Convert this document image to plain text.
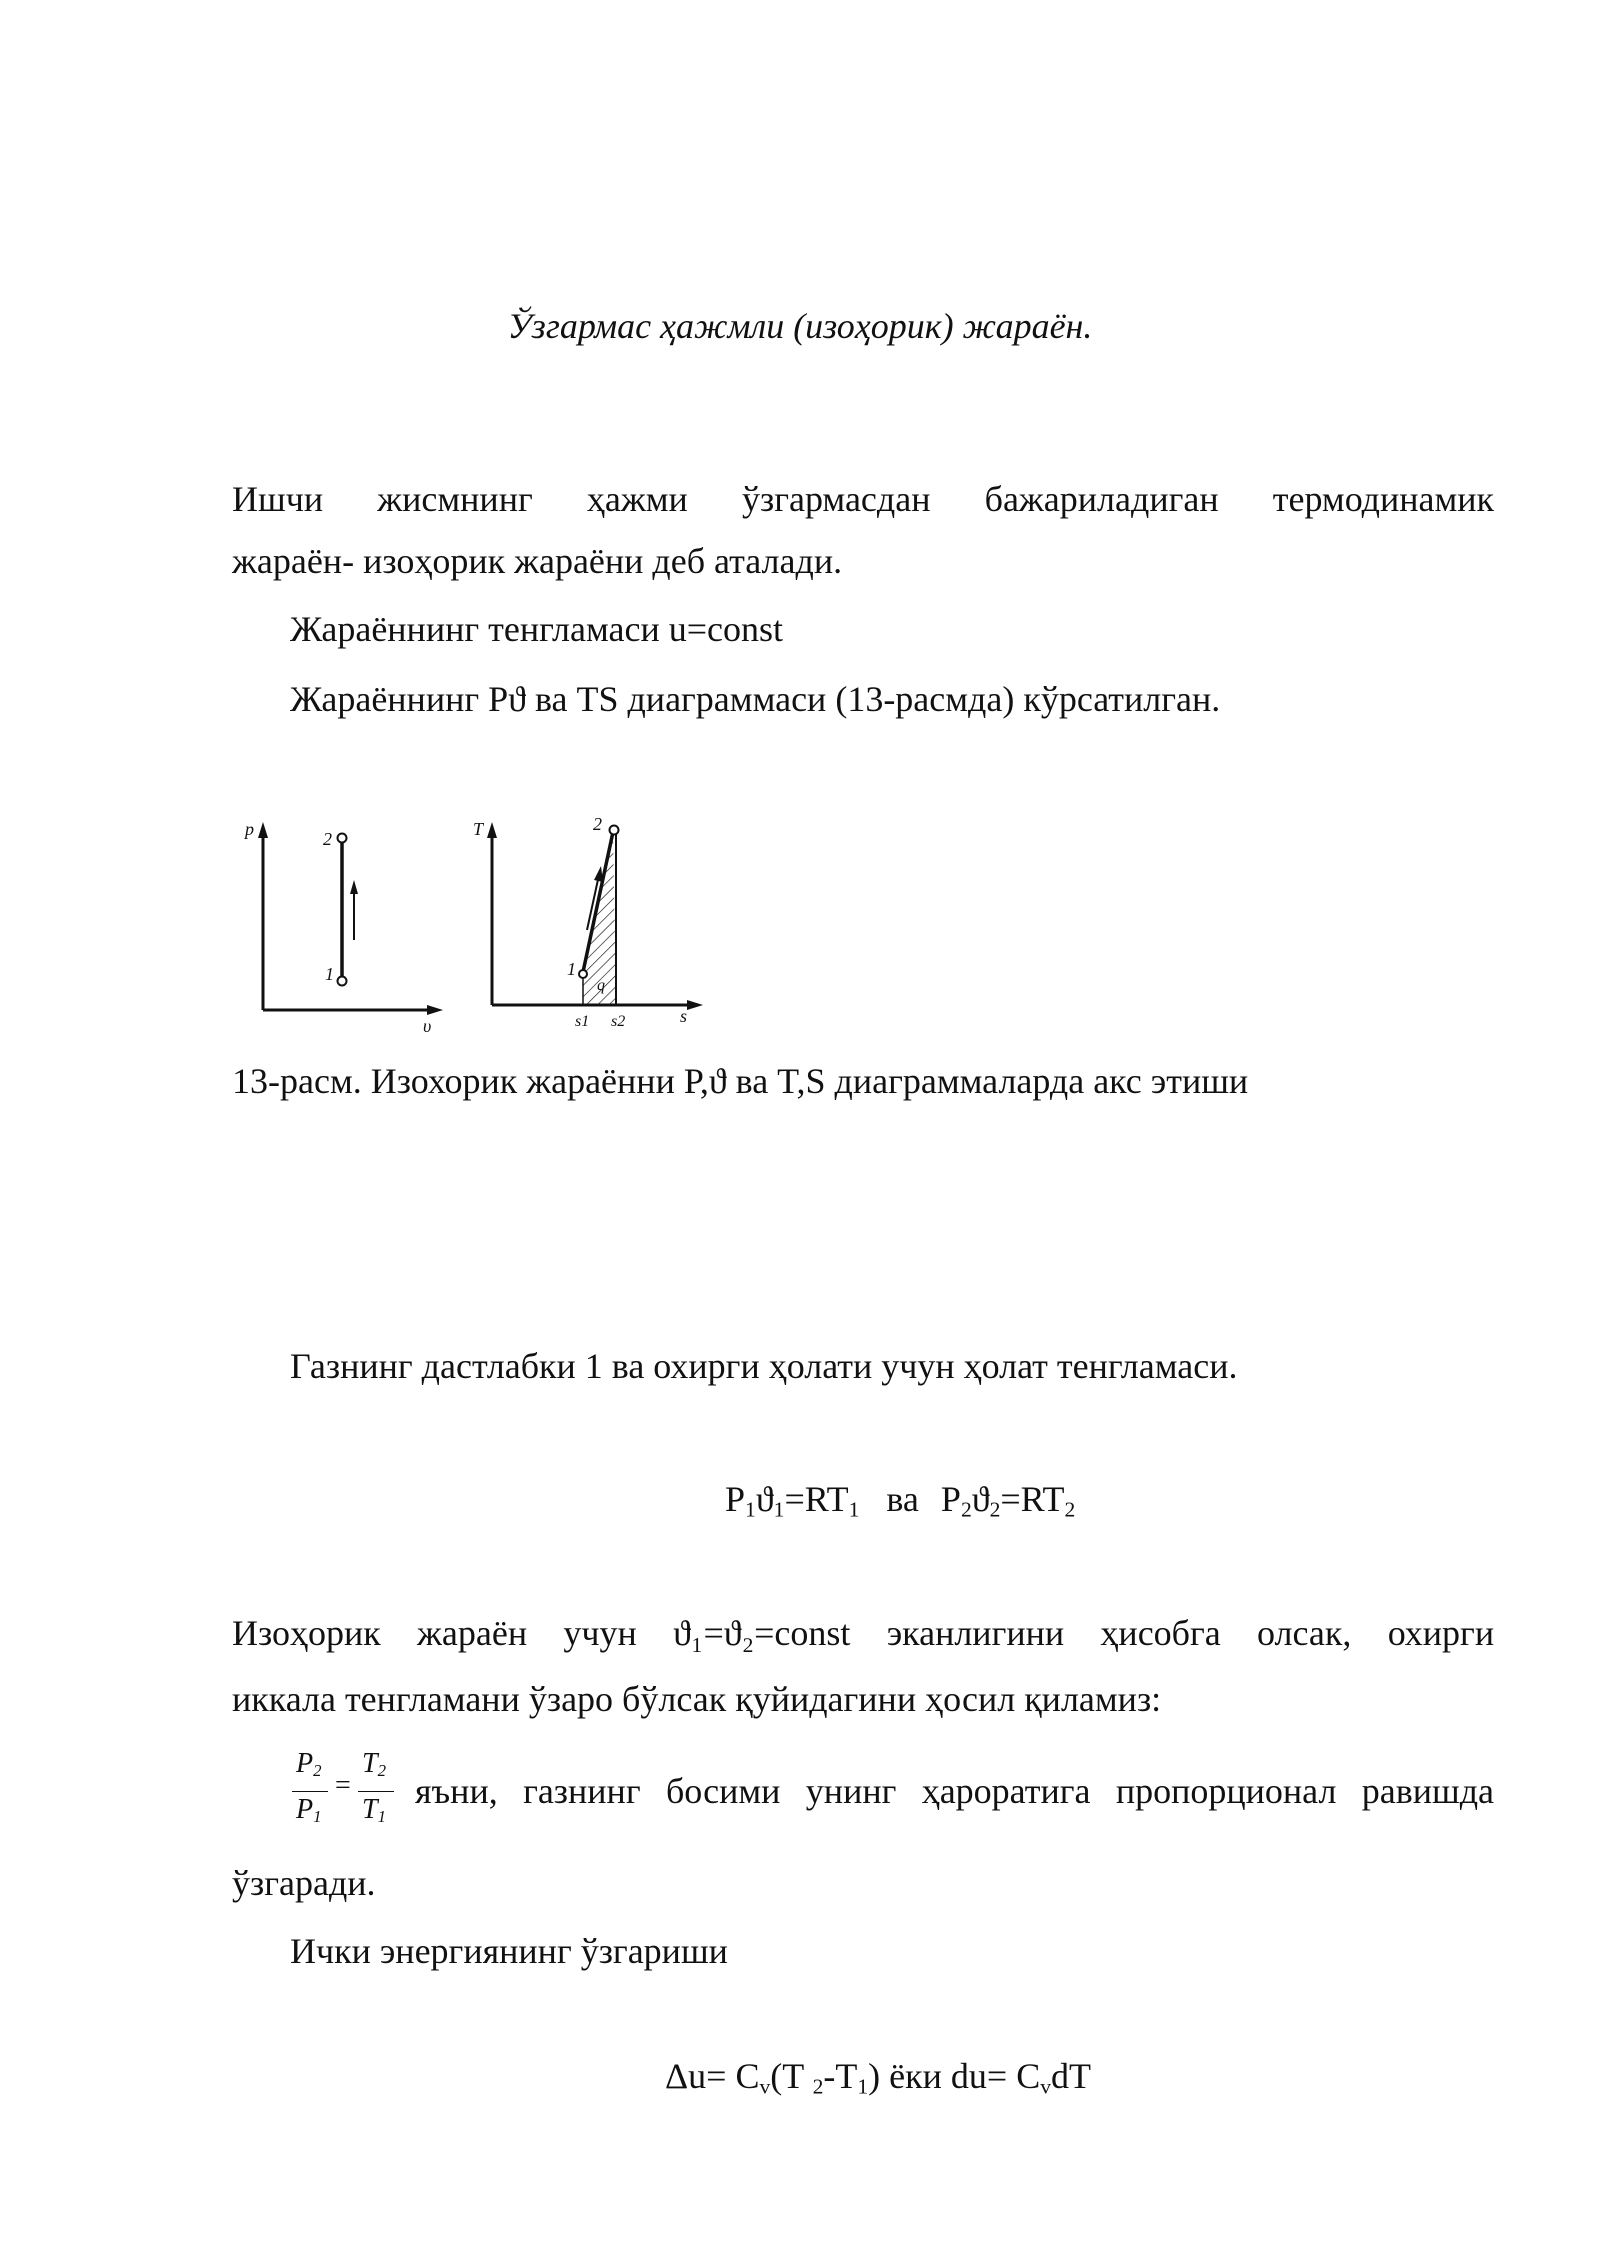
Ўзгармас ҳажмли (изоҳорик) жараён.
Ишчи жисмнинг ҳажми ўзгармасдан бажариладиган термодинамик
жараён- изоҳорик жараёни деб аталади.
Жараённинг тенгламаси u=const
Жараённинг Pϑ ва TS диаграммаси (13-расмда) кўрсатилган.
p
υ
2
1
T
s
2
1
q
s1 s2
13-расм. Изохорик жараённи P,ϑ ва T,S диаграммаларда акс этиши
Газнинг дастлабки 1 ва охирги ҳолати учун ҳолат тенгламаси.
$P_1ϑ_1=RT_1$ ва $P_2ϑ_2=RT_2$
Изоҳорик жараён учун ϑ₁=ϑ₂=const эканлигини ҳисобга олсак, охирги
иккала тенгламани ўзаро бўлсак қуйидагини ҳосил қиламиз:
$P_2$
$P_1$
=
$T_2$
$T_1$
яъни, газнинг босими унинг ҳароратига пропорционал равишда
ўзгаради.
Ички энергиянинг ўзгариши
$\Delta u= C_v(T$ $_2-T_1$) ёки $du= C_vdT$
